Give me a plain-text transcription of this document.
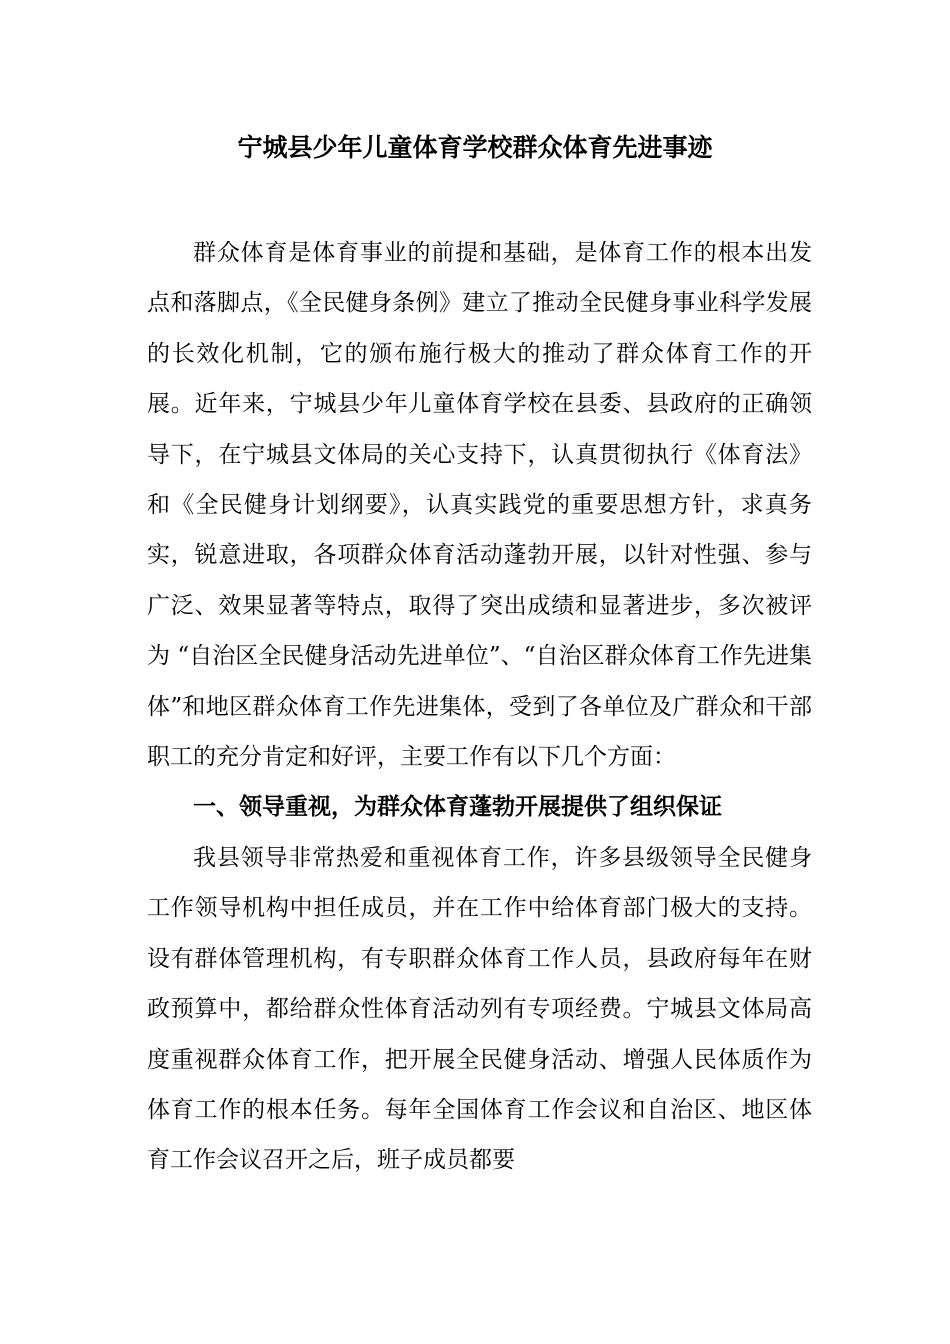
宁城县少年儿童体育学校群众体育先进事迹

群众体育是体育事业的前提和基础，是体育工作的根本出发点和落脚点，《全民健身条例》建立了推动全民健身事业科学发展的长效化机制，它的颁布施行极大的推动了群众体育工作的开展。近年来，宁城县少年儿童体育学校在县委、县政府的正确领导下，在宁城县文体局的关心支持下，认真贯彻执行《体育法》和《全民健身计划纲要》，认真实践党的重要思想方针，求真务实，锐意进取，各项群众体育活动蓬勃开展，以针对性强、参与广泛、效果显著等特点，取得了突出成绩和显著进步，多次被评为 “自治区全民健身活动先进单位”、“自治区群众体育工作先进集体”和地区群众体育工作先进集体，受到了各单位及广群众和干部职工的充分肯定和好评，主要工作有以下几个方面：

一、领导重视，为群众体育蓬勃开展提供了组织保证

我县领导非常热爱和重视体育工作，许多县级领导全民健身工作领导机构中担任成员，并在工作中给体育部门极大的支持。设有群体管理机构，有专职群众体育工作人员，县政府每年在财政预算中，都给群众性体育活动列有专项经费。宁城县文体局高度重视群众体育工作，把开展全民健身活动、增强人民体质作为体育工作的根本任务。每年全国体育工作会议和自治区、地区体育工作会议召开之后，班子成员都要
